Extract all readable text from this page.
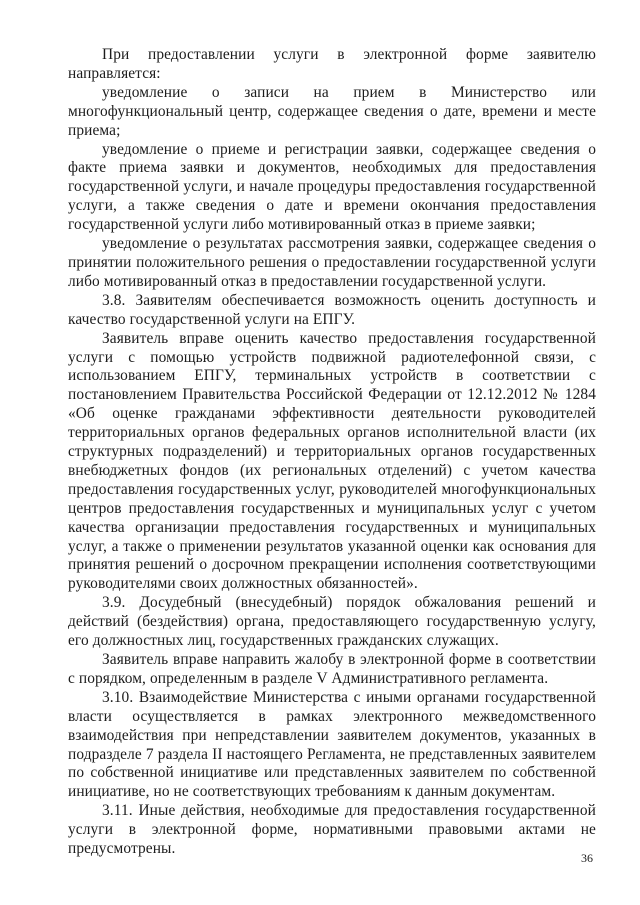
При предоставлении услуги в электронной форме заявителю направляется:

уведомление о записи на прием в Министерство или многофункциональный центр, содержащее сведения о дате, времени и месте приема;

уведомление о приеме и регистрации заявки, содержащее сведения о факте приема заявки и документов, необходимых для предоставления государственной услуги, и начале процедуры предоставления государственной услуги, а также сведения о дате и времени окончания предоставления государственной услуги либо мотивированный отказ в приеме заявки;

уведомление о результатах рассмотрения заявки, содержащее сведения о принятии положительного решения о предоставлении государственной услуги либо мотивированный отказ в предоставлении государственной услуги.

3.8. Заявителям обеспечивается возможность оценить доступность и качество государственной услуги на ЕПГУ.

Заявитель вправе оценить качество предоставления государственной услуги с помощью устройств подвижной радиотелефонной связи, с использованием ЕПГУ, терминальных устройств в соответствии с постановлением Правительства Российской Федерации от 12.12.2012 № 1284 «Об оценке гражданами эффективности деятельности руководителей территориальных органов федеральных органов исполнительной власти (их структурных подразделений) и территориальных органов государственных внебюджетных фондов (их региональных отделений) с учетом качества предоставления государственных услуг, руководителей многофункциональных центров предоставления государственных и муниципальных услуг с учетом качества организации предоставления государственных и муниципальных услуг, а также о применении результатов указанной оценки как основания для принятия решений о досрочном прекращении исполнения соответствующими руководителями своих должностных обязанностей».

3.9. Досудебный (внесудебный) порядок обжалования решений и действий (бездействия) органа, предоставляющего государственную услугу, его должностных лиц, государственных гражданских служащих.

Заявитель вправе направить жалобу в электронной форме в соответствии с порядком, определенным в разделе V Административного регламента.

3.10. Взаимодействие Министерства с иными органами государственной власти осуществляется в рамках электронного межведомственного взаимодействия при непредставлении заявителем документов, указанных в подразделе 7 раздела II настоящего Регламента, не представленных заявителем по собственной инициативе или представленных заявителем по собственной инициативе, но не соответствующих требованиям к данным документам.

3.11. Иные действия, необходимые для предоставления государственной услуги в электронной форме, нормативными правовыми актами не предусмотрены.

36
